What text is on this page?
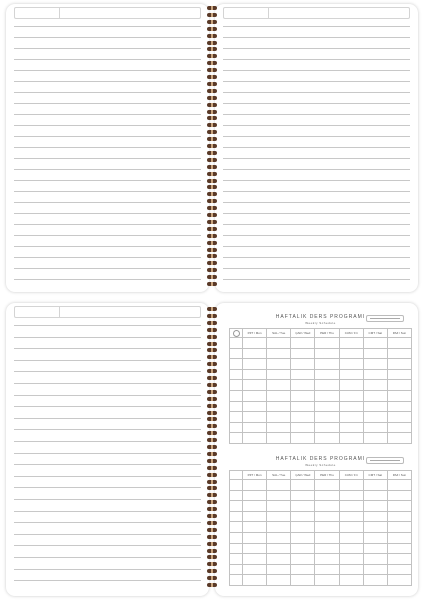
HAFTALIK DERS PROGRAMI
Weekly Schedule
	PZT / Mon	SAL / Tue	ÇAR / Wed	PER / Thu	CUM / Fri	CMT / Sat	PAZ / Sun

HAFTALIK DERS PROGRAMI
Weekly Schedule
	PZT / Mon	SAL / Tue	ÇAR / Wed	PER / Thu	CUM / Fri	CMT / Sat	PAZ / Sun
